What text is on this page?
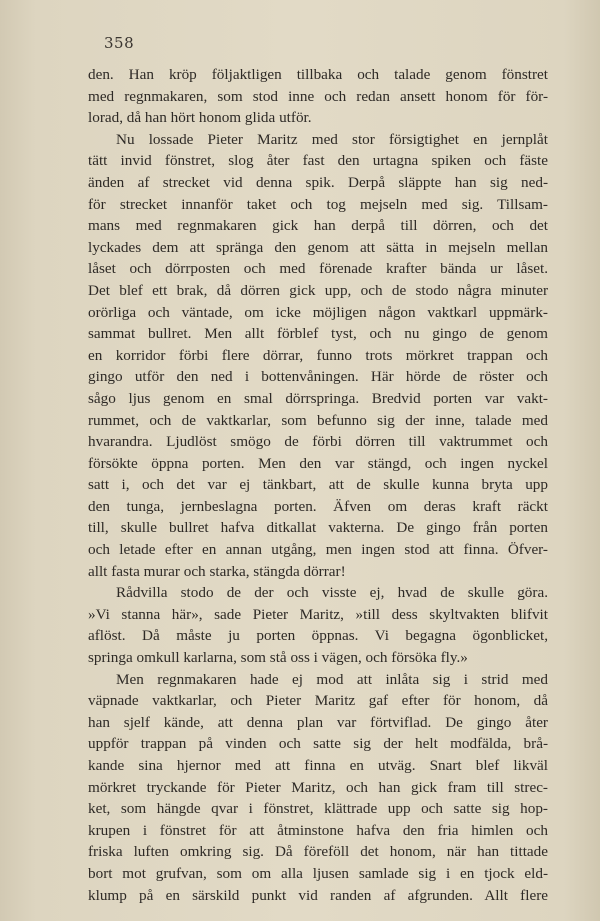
358
den. Han kröp följaktligen tillbaka och talade genom fönstret
med regnmakaren, som stod inne och redan ansett honom för för-
lorad, då han hört honom glida utför.
Nu lossade Pieter Maritz med stor försigtighet en jernplåt
tätt invid fönstret, slog åter fast den urtagna spiken och fäste
änden af strecket vid denna spik. Derpå släppte han sig ned-
för strecket innanför taket och tog mejseln med sig. Tillsam-
mans med regnmakaren gick han derpå till dörren, och det
lyckades dem att spränga den genom att sätta in mejseln mellan
låset och dörrposten och med förenade krafter bända ur låset.
Det blef ett brak, då dörren gick upp, och de stodo några minuter
orörliga och väntade, om icke möjligen någon vaktkarl uppmärk-
sammat bullret. Men allt förblef tyst, och nu gingo de genom
en korridor förbi flere dörrar, funno trots mörkret trappan och
gingo utför den ned i bottenvåningen. Här hörde de röster och
sågo ljus genom en smal dörrspringa. Bredvid porten var vakt-
rummet, och de vaktkarlar, som befunno sig der inne, talade med
hvarandra. Ljudlöst smögo de förbi dörren till vaktrummet och
försökte öppna porten. Men den var stängd, och ingen nyckel
satt i, och det var ej tänkbart, att de skulle kunna bryta upp
den tunga, jernbeslagna porten. Äfven om deras kraft räckt
till, skulle bullret hafva ditkallat vakterna. De gingo från porten
och letade efter en annan utgång, men ingen stod att finna. Öfver-
allt fasta murar och starka, stängda dörrar!
Rådvilla stodo de der och visste ej, hvad de skulle göra.
»Vi stanna här», sade Pieter Maritz, »till dess skyltvakten blifvit
aflöst. Då måste ju porten öppnas. Vi begagna ögonblicket,
springa omkull karlarna, som stå oss i vägen, och försöka fly.»
Men regnmakaren hade ej mod att inlåta sig i strid med
väpnade vaktkarlar, och Pieter Maritz gaf efter för honom, då
han sjelf kände, att denna plan var förtviflad. De gingo åter
uppför trappan på vinden och satte sig der helt modfälda, brå-
kande sina hjernor med att finna en utväg. Snart blef likväl
mörkret tryckande för Pieter Maritz, och han gick fram till strec-
ket, som hängde qvar i fönstret, klättrade upp och satte sig hop-
krupen i fönstret för att åtminstone hafva den fria himlen och
friska luften omkring sig. Då föreföll det honom, när han tittade
bort mot grufvan, som om alla ljusen samlade sig i en tjock eld-
klump på en särskild punkt vid randen af afgrunden. Allt flere
